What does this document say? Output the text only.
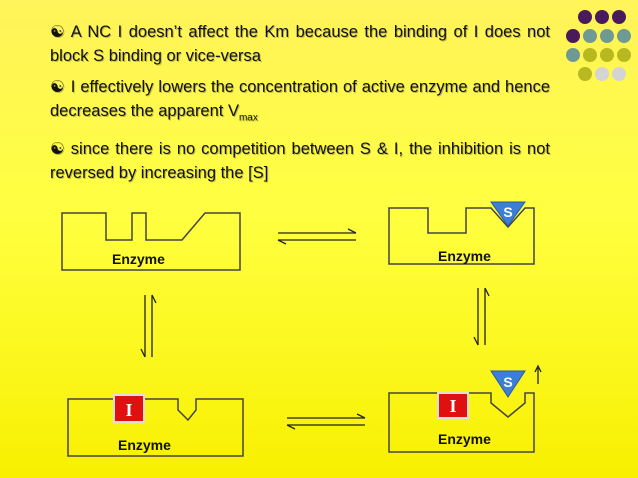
☯ A NC I doesn’t affect the Km because the binding of I does not block S binding or vice-versa

☯ I effectively lowers the concentration of active enzyme and hence decreases the apparent $V_{max}$

☯ since there is no competition between S & I, the inhibition is not reversed by increasing the [S]

Enzyme
S
Enzyme
I
Enzyme
I
S
Enzyme
